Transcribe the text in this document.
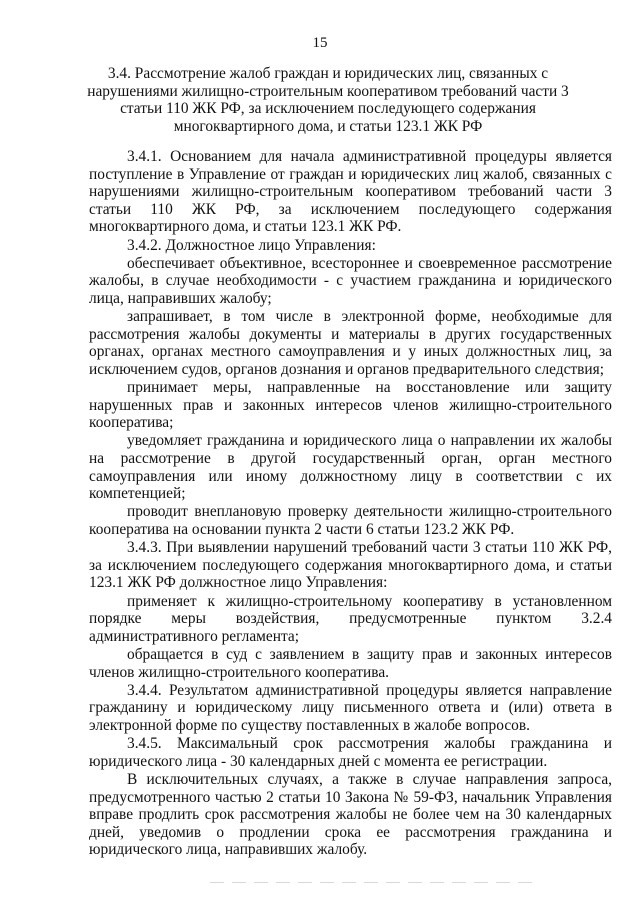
15
3.4. Рассмотрение жалоб граждан и юридических лиц, связанных с нарушениями жилищно-строительным кооперативом требований части 3 статьи 110 ЖК РФ, за исключением последующего содержания многоквартирного дома, и статьи 123.1 ЖК РФ

3.4.1. Основанием для начала административной процедуры является поступление в Управление от граждан и юридических лиц жалоб, связанных с нарушениями жилищно-строительным кооперативом требований части 3 статьи 110 ЖК РФ, за исключением последующего содержания многоквартирного дома, и статьи 123.1 ЖК РФ.

3.4.2. Должностное лицо Управления:

обеспечивает объективное, всестороннее и своевременное рассмотрение жалобы, в случае необходимости - с участием гражданина и юридического лица, направивших жалобу;

запрашивает, в том числе в электронной форме, необходимые для рассмотрения жалобы документы и материалы в других государственных органах, органах местного самоуправления и у иных должностных лиц, за исключением судов, органов дознания и органов предварительного следствия;

принимает меры, направленные на восстановление или защиту нарушенных прав и законных интересов членов жилищно-строительного кооператива;

уведомляет гражданина и юридического лица о направлении их жалобы на рассмотрение в другой государственный орган, орган местного самоуправления или иному должностному лицу в соответствии с их компетенцией;

проводит внеплановую проверку деятельности жилищно-строительного кооператива на основании пункта 2 части 6 статьи 123.2 ЖК РФ.

3.4.3. При выявлении нарушений требований части 3 статьи 110 ЖК РФ, за исключением последующего содержания многоквартирного дома, и статьи 123.1 ЖК РФ должностное лицо Управления:

применяет к жилищно-строительному кооперативу в установленном порядке меры воздействия, предусмотренные пунктом 3.2.4 административного регламента;

обращается в суд с заявлением в защиту прав и законных интересов членов жилищно-строительного кооператива.

3.4.4. Результатом административной процедуры является направление гражданину и юридическому лицу письменного ответа и (или) ответа в электронной форме по существу поставленных в жалобе вопросов.

3.4.5. Максимальный срок рассмотрения жалобы гражданина и юридического лица - 30 календарных дней с момента ее регистрации.

В исключительных случаях, а также в случае направления запроса, предусмотренного частью 2 статьи 10 Закона № 59-ФЗ, начальник Управления вправе продлить срок рассмотрения жалобы не более чем на 30 календарных дней, уведомив о продлении срока ее рассмотрения гражданина и юридического лица, направивших жалобу.
